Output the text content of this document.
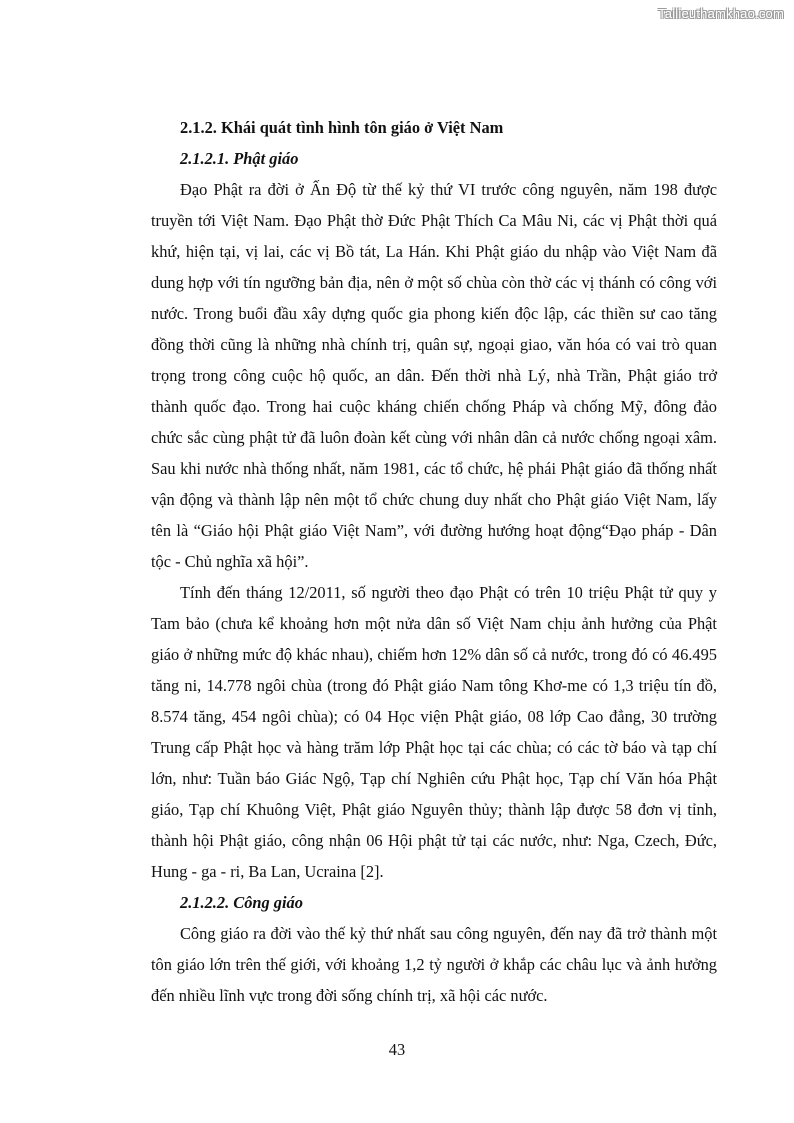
Tailieuthamkhao.com
2.1.2. Khái quát tình hình tôn giáo ở Việt Nam
2.1.2.1. Phật giáo

Đạo Phật ra đời ở Ấn Độ từ thế kỷ thứ VI trước công nguyên, năm 198 được truyền tới Việt Nam. Đạo Phật thờ Đức Phật Thích Ca Mâu Ni, các vị Phật thời quá khứ, hiện tại, vị lai, các vị Bồ tát, La Hán. Khi Phật giáo du nhập vào Việt Nam đã dung hợp với tín ngưỡng bản địa, nên ở một số chùa còn thờ các vị thánh có công với nước. Trong buổi đầu xây dựng quốc gia phong kiến độc lập, các thiền sư cao tăng đồng thời cũng là những nhà chính trị, quân sự, ngoại giao, văn hóa có vai trò quan trọng trong công cuộc hộ quốc, an dân. Đến thời nhà Lý, nhà Trần, Phật giáo trở thành quốc đạo. Trong hai cuộc kháng chiến chống Pháp và chống Mỹ, đông đảo chức sắc cùng phật tử đã luôn đoàn kết cùng với nhân dân cả nước chống ngoại xâm. Sau khi nước nhà thống nhất, năm 1981, các tổ chức, hệ phái Phật giáo đã thống nhất vận động và thành lập nên một tổ chức chung duy nhất cho Phật giáo Việt Nam, lấy tên là “Giáo hội Phật giáo Việt Nam”, với đường hướng hoạt động“Đạo pháp - Dân tộc - Chủ nghĩa xã hội”.

Tính đến tháng 12/2011, số người theo đạo Phật có trên 10 triệu Phật tử quy y Tam bảo (chưa kể khoảng hơn một nửa dân số Việt Nam chịu ảnh hưởng của Phật giáo ở những mức độ khác nhau), chiếm hơn 12% dân số cả nước, trong đó có 46.495 tăng ni, 14.778 ngôi chùa (trong đó Phật giáo Nam tông Khơ-me có 1,3 triệu tín đồ, 8.574 tăng, 454 ngôi chùa); có 04 Học viện Phật giáo, 08 lớp Cao đẳng, 30 trường Trung cấp Phật học và hàng trăm lớp Phật học tại các chùa; có các tờ báo và tạp chí lớn, như: Tuần báo Giác Ngộ, Tạp chí Nghiên cứu Phật học, Tạp chí Văn hóa Phật giáo, Tạp chí Khuông Việt, Phật giáo Nguyên thủy; thành lập được 58 đơn vị tỉnh, thành hội Phật giáo, công nhận 06 Hội phật tử tại các nước, như: Nga, Czech, Đức, Hung - ga - ri, Ba Lan, Ucraina [2].

2.1.2.2. Công giáo

Công giáo ra đời vào thế kỷ thứ nhất sau công nguyên, đến nay đã trở thành một tôn giáo lớn trên thế giới, với khoảng 1,2 tỷ người ở khắp các châu lục và ảnh hưởng đến nhiều lĩnh vực trong đời sống chính trị, xã hội các nước.

43
